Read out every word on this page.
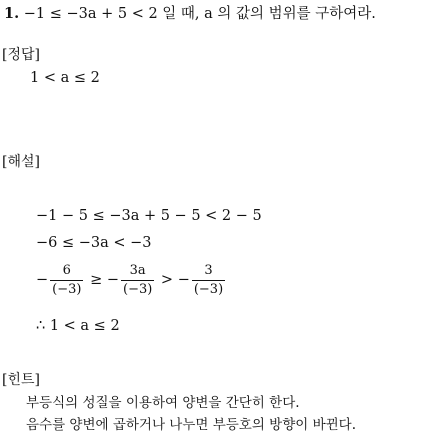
1. −1 ≤ −3a + 5 < 2 일 때, a 의 값의 범위를 구하여라.
[정답]
1 < a ≤ 2
[해설]
−1 − 5 ≤ −3a + 5 − 5 < 2 − 5
−6 ≤ −3a < −3
− $\frac{6}{(-3)}$ ≥ − $\frac{3a}{(-3)}$ > − $\frac{3}{(-3)}$
∴ 1 < a ≤ 2
[힌트]
부등식의 성질을 이용하여 양변을 간단히 한다.
음수를 양변에 곱하거나 나누면 부등호의 방향이 바뀐다.
